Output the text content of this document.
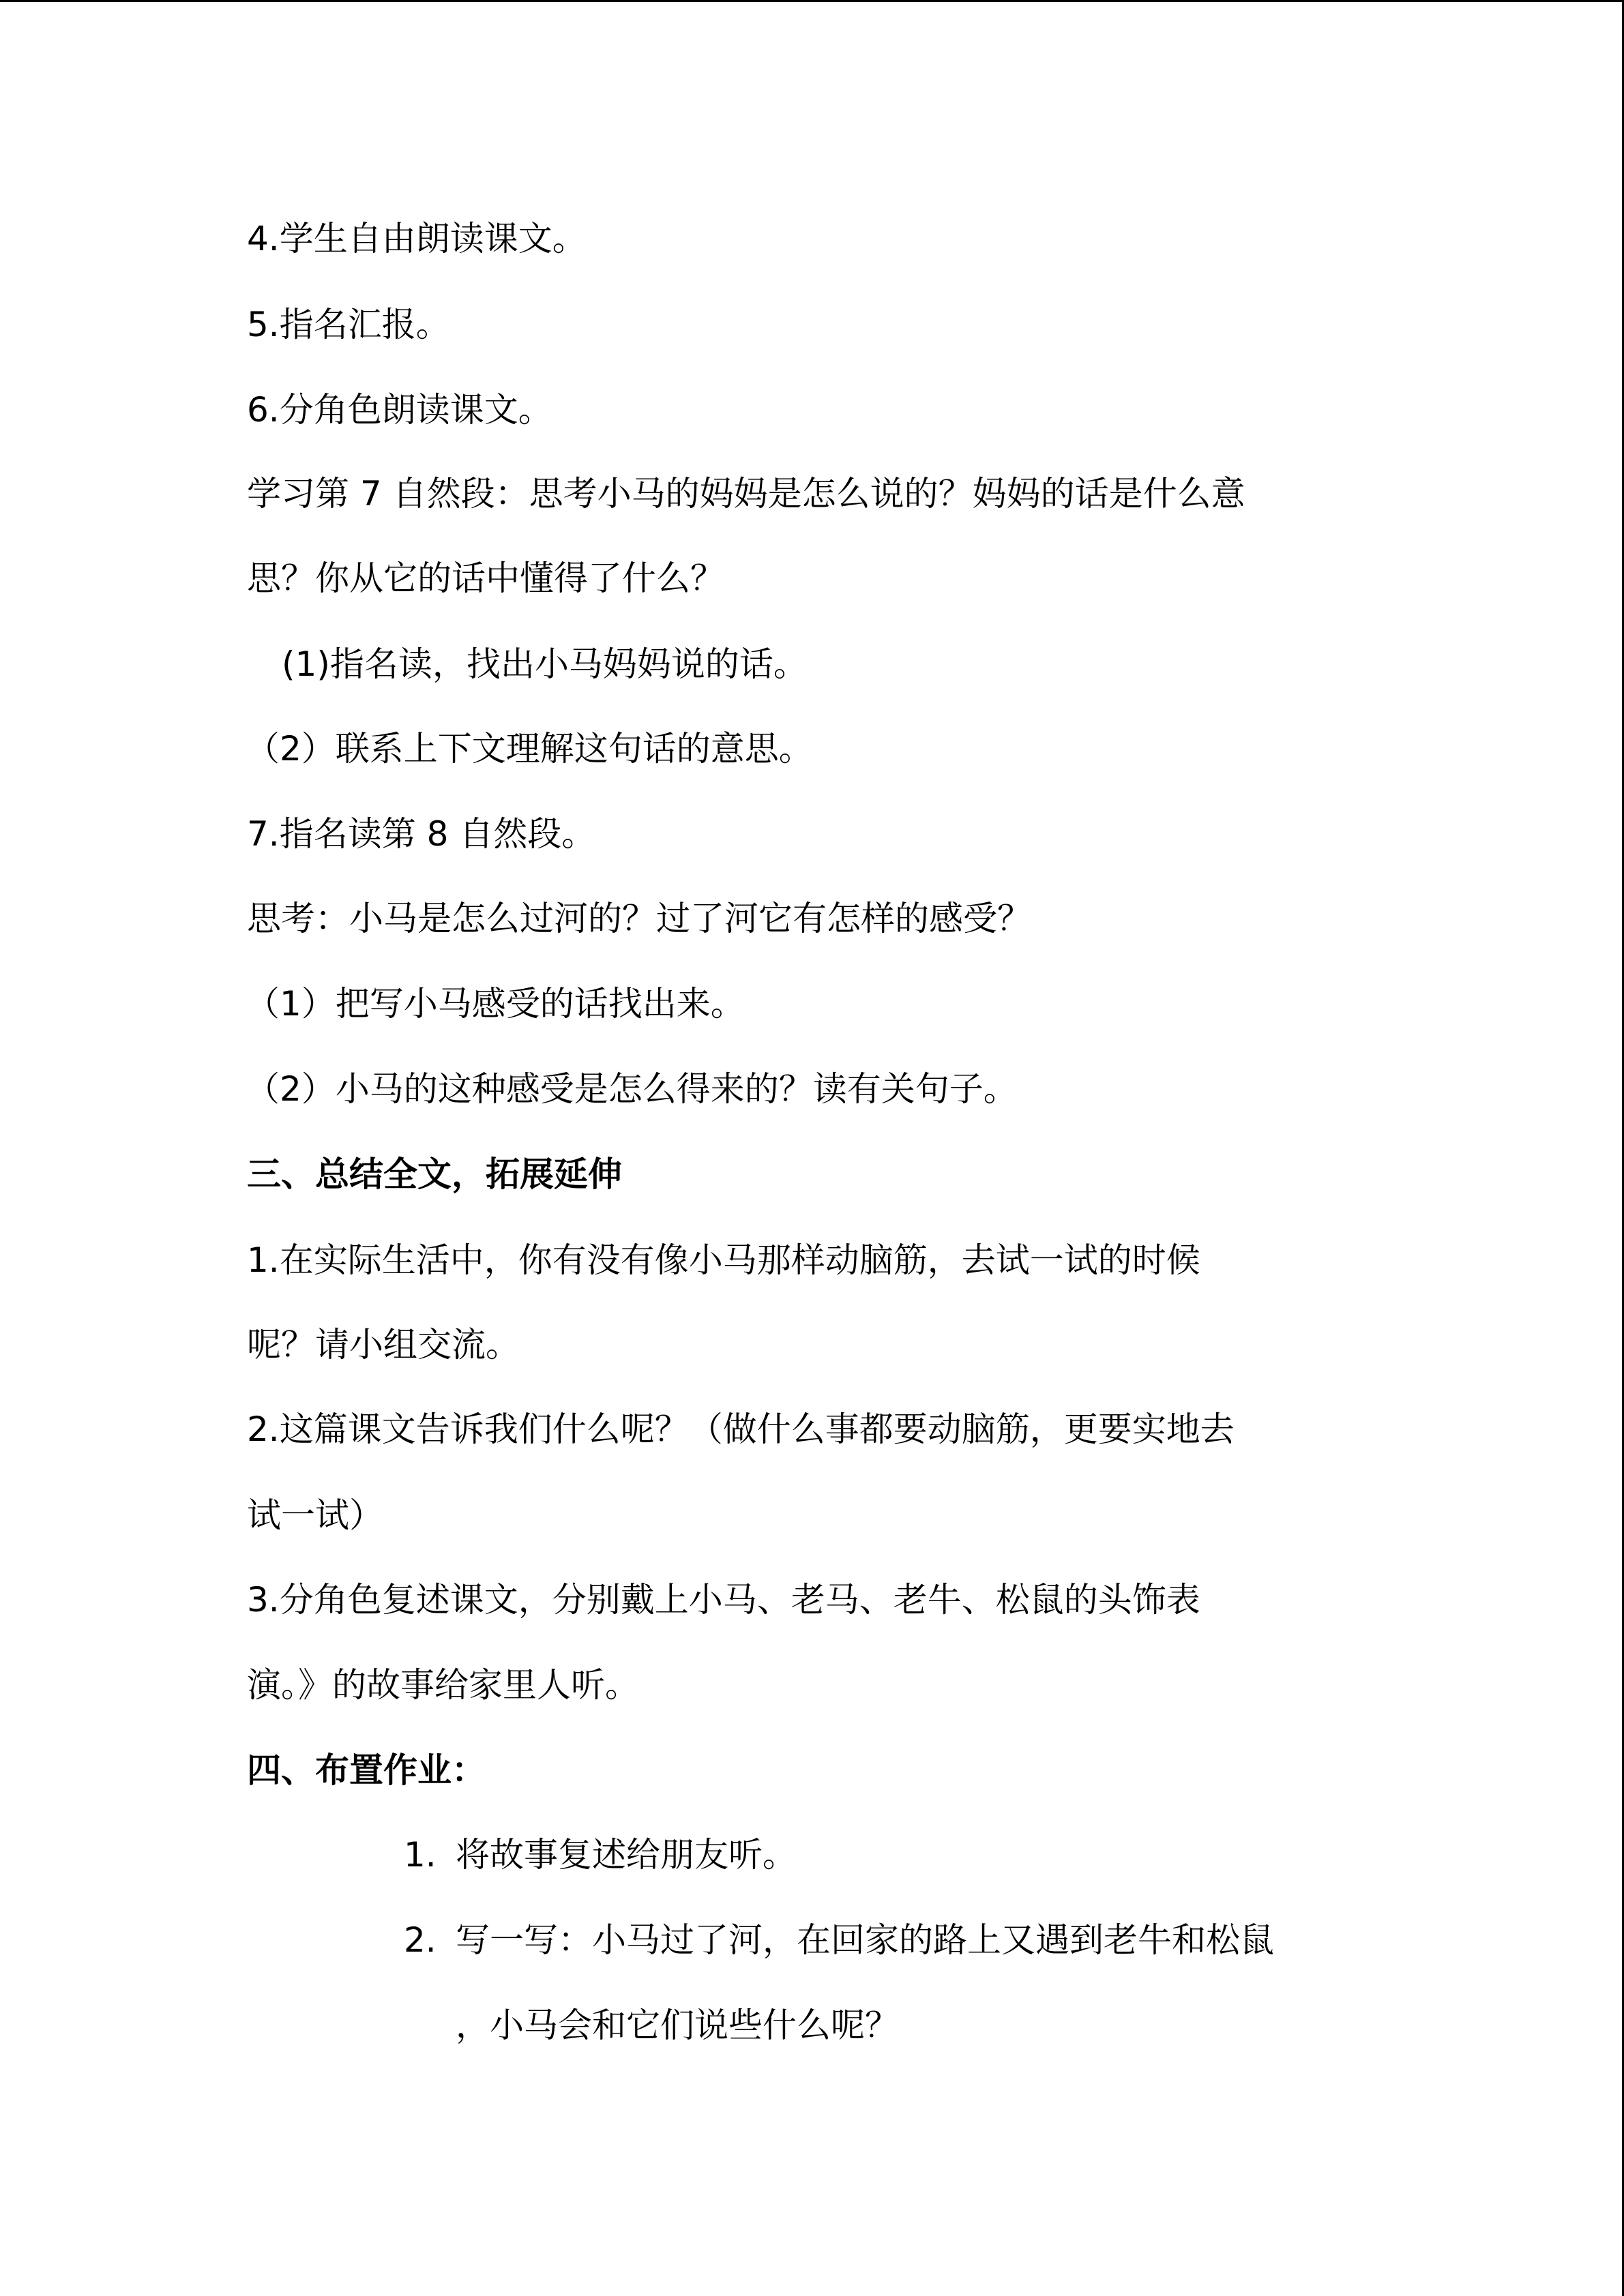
4.学生自由朗读课文。
5.指名汇报。
6.分角色朗读课文。
学习第 7 自然段：思考小马的妈妈是怎么说的？妈妈的话是什么意
思？你从它的话中懂得了什么？
(1)指名读，找出小马妈妈说的话。
（2）联系上下文理解这句话的意思。
7.指名读第 8 自然段。
思考：小马是怎么过河的？过了河它有怎样的感受？
（1）把写小马感受的话找出来。
（2）小马的这种感受是怎么得来的？读有关句子。
三、总结全文，拓展延伸
1.在实际生活中，你有没有像小马那样动脑筋，去试一试的时候
呢？请小组交流。
2.这篇课文告诉我们什么呢？（做什么事都要动脑筋，更要实地去
试一试）
3.分角色复述课文，分别戴上小马、老马、老牛、松鼠的头饰表
演。》的故事给家里人听。
四、布置作业：
1. 将故事复述给朋友听。
2. 写一写：小马过了河，在回家的路上又遇到老牛和松鼠
，小马会和它们说些什么呢？
